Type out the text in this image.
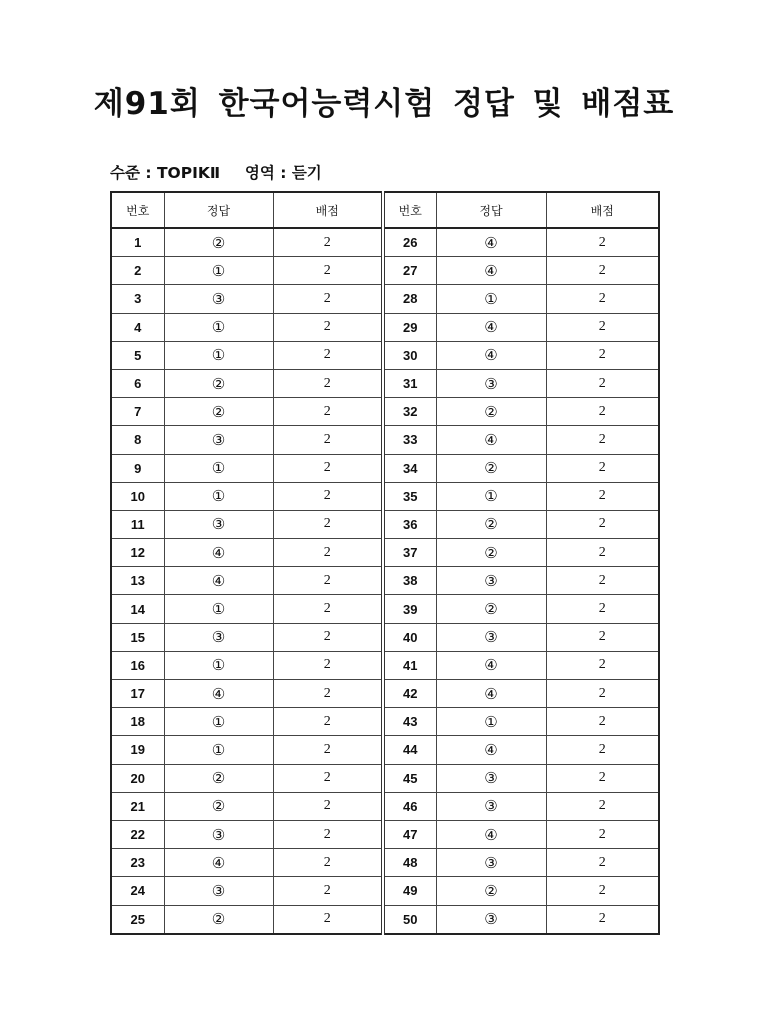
제91회 한국어능력시험 정답 및 배점표
수준 : TOPIKⅡ 영역 : 듣기
번호	정답	배점	번호	정답	배점
1	②	2	26	④	2
2	①	2	27	④	2
3	③	2	28	①	2
4	①	2	29	④	2
5	①	2	30	④	2
6	②	2	31	③	2
7	②	2	32	②	2
8	③	2	33	④	2
9	①	2	34	②	2
10	①	2	35	①	2
11	③	2	36	②	2
12	④	2	37	②	2
13	④	2	38	③	2
14	①	2	39	②	2
15	③	2	40	③	2
16	①	2	41	④	2
17	④	2	42	④	2
18	①	2	43	①	2
19	①	2	44	④	2
20	②	2	45	③	2
21	②	2	46	③	2
22	③	2	47	④	2
23	④	2	48	③	2
24	③	2	49	②	2
25	②	2	50	③	2
